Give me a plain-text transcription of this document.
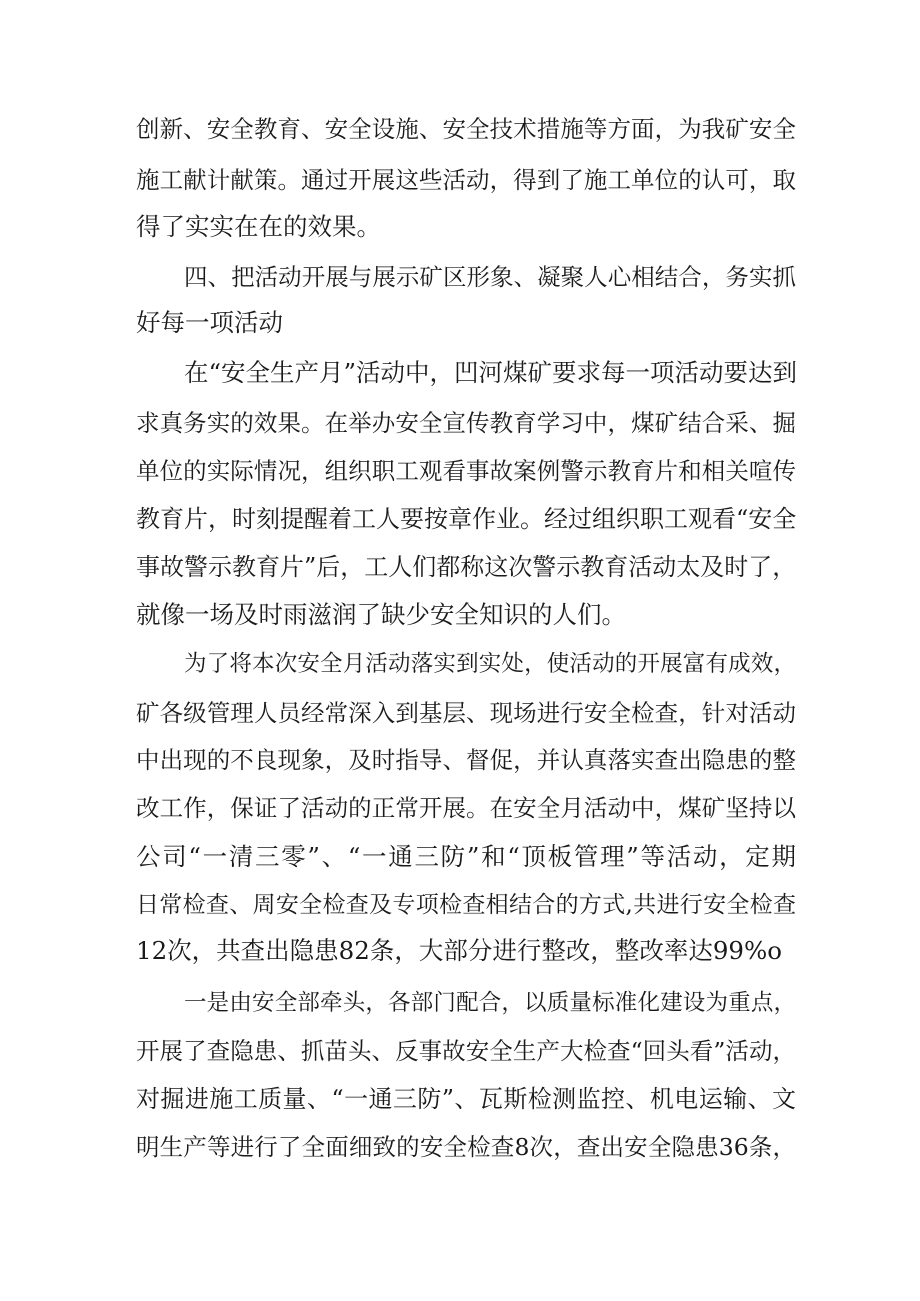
创新、安全教育、安全设施、安全技术措施等方面，为我矿安全
施工献计献策。通过开展这些活动，得到了施工单位的认可，取
得了实实在在的效果。
四、把活动开展与展示矿区形象、凝聚人心相结合，务实抓
好每一项活动
在“安全生产月”活动中，凹河煤矿要求每一项活动要达到
求真务实的效果。在举办安全宣传教育学习中，煤矿结合采、掘
单位的实际情况，组织职工观看事故案例警示教育片和相关喧传
教育片，时刻提醒着工人要按章作业。经过组织职工观看“安全
事故警示教育片”后，工人们都称这次警示教育活动太及时了，
就像一场及时雨滋润了缺少安全知识的人们。
为了将本次安全月活动落实到实处，使活动的开展富有成效，
矿各级管理人员经常深入到基层、现场进行安全检查，针对活动
中出现的不良现象，及时指导、督促，并认真落实查出隐患的整
改工作，保证了活动的正常开展。在安全月活动中，煤矿坚持以
公司“一清三零”、“一通三防”和“顶板管理”等活动，定期
日常检查、周安全检查及专项检查相结合的方式,共进行安全检查
12次，共查出隐患82条，大部分进行整改，整改率达99%o
一是由安全部牵头，各部门配合，以质量标准化建设为重点，
开展了查隐患、抓苗头、反事故安全生产大检查“回头看”活动，
对掘进施工质量、“一通三防”、瓦斯检测监控、机电运输、文
明生产等进行了全面细致的安全检查8次，查出安全隐患36条，
